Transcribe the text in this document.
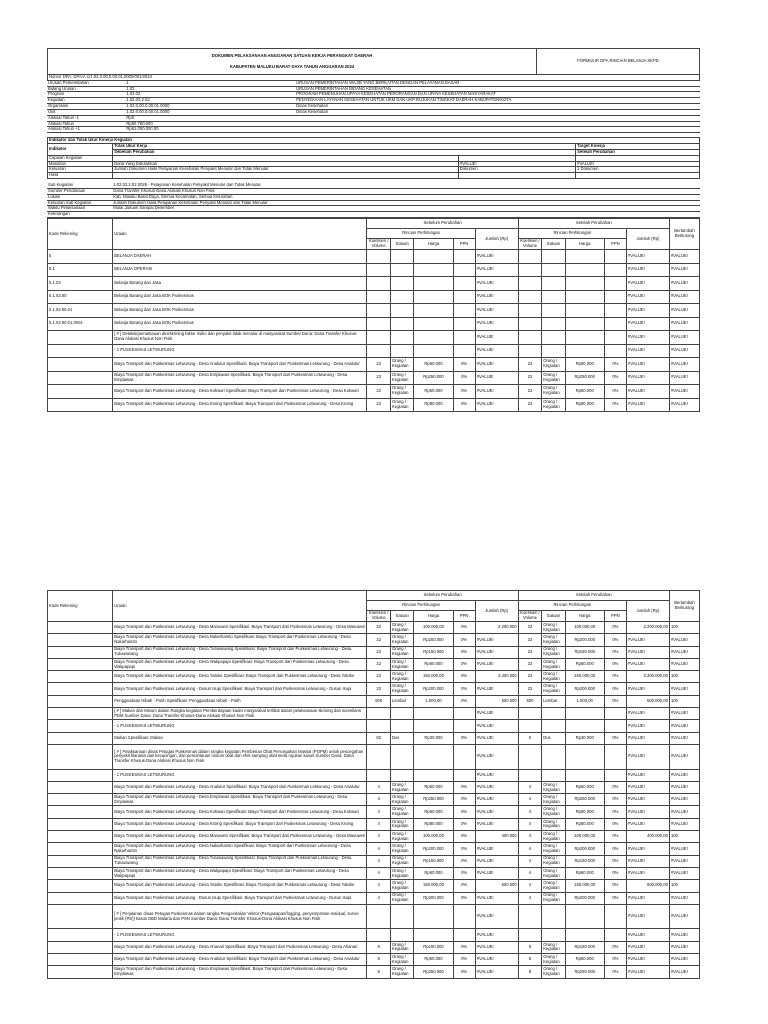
DOKUMEN PELAKSANAAN ANGGARAN SATUAN KERJA PERANGKAT DAERAH
KABUPATEN MALUKU BARAT DAYA TAHUN ANGGARAN 2024
	FORMULIR DPA RINCIAN BELANJA SKPD
Nomor DPA: DPA/A.1/1.02.0.00.0.00.01.0000/001/2024
Urusan Pemerintahan	1	URUSAN PEMERINTAHAN WAJIB YANG BERKAITAN DENGAN PELAYANAN DASAR
Bidang Urusan	1.02	URUSAN PEMERINTAHAN BIDANG KESEHATAN
Program	1.02.02	PROGRAM PEMENUHAN UPAYA KESEHATAN PERORANGAN DAN UPAYA KESEHATAN MASYARAKAT
Kegiatan	1.02.02.2.02	PENYEDIAAN LAYANAN KESEHATAN UNTUK UKM DAN UKP RUJUKAN TINGKAT DAERAH KABUPATEN/KOTA
Organisasi	1.02.0.00.0.00.01.0000	Dinas Kesehatan
Unit	1.02.0.00.0.00.01.0000	Dinas Kesehatan
Alokasi Tahun -1	Rp0
Alokasi Tahun	Rp60.780.000
Alokasi Tahun +1	Rp61.000.000,00
Indikator dan Tolak Ukur Kinerja Kegiatan			
Indikator	Tolak Ukur Kerja		Target Kinerja
	Sebelum Perubahan		Setelah Perubahan
Capaian Kegiatan			
Masukan	Dana Yang Dibutuhkan	#VALUE!	#VALUE!
Keluaran	Jumlah Dokumen Hasil Pelayanan Kesehatan Penyakit Menular dan Tidak Menular	Dokumen	1 Dokumen
Hasil			
Sub Kegiatan	1.02.02.2.02.0026 - Pelayanan Kesehatan Penyakit Menular dan Tidak Menular
Sumber Pendanaan	Dana Transfer Khusus-Dana Alokasi Khusus Non Fisik
Lokasi	Kab. Maluku Barat Daya, Semua Kecamatan, Semua Kelurahan
Keluaran Sub Kegiatan	Jumlah Dokumen Hasil Pelayanan Kesehatan Penyakit Menular dan Tidak Menular
Waktu Pelaksanaan	Mulai Januari Sampai Desember
Keterangan	
Kode Rekening	Uraian	Sebelum Perubahan					Setelah Perubahan					Bertambah Berkurang
		Rincian Perhitungan				Jumlah (Rp)	Rincian Perhitungan				Jumlah (Rp)	
		Koefisien / Volume	Satuan	Harga	PPN		Koefisien / Volume	Satuan	Harga	PPN		
5	BELANJA DAERAH					#VALUE!					#VALUE!	#VALUE!
5.1	BELANJA OPERASI					#VALUE!					#VALUE!	#VALUE!
5.1.02	Belanja Barang dan Jasa					#VALUE!					#VALUE!	#VALUE!
5.1.02.90	Belanja Barang dan Jasa BOK Puskesmas					#VALUE!					#VALUE!	#VALUE!
5.1.02.90.01	Belanja Barang dan Jasa BOK Puskesmas					#VALUE!					#VALUE!	#VALUE!
5.1.02.90.01.0001	Belanja Barang dan Jasa BOK Puskesmas					#VALUE!					#VALUE!	#VALUE!
	[ # ] Deteksi/pemantauan dini/skrining faktor risiko dan penyakit tidak menular di masyarakat Sumber Dana: Dana Transfer Khusus-Dana Alokasi Khusus Non Fisik					#VALUE!					#VALUE!	#VALUE!
	- 1 PUSKESMAS LETWURUNG					#VALUE!					#VALUE!	#VALUE!
	Biaya Transport dan Puskesmas Letwurung - Desa Analutur Spesifikasi: Biaya Transport dari Puskesmas Letwurung - Desa Analutur	22	Orang / Kegiatan	Rp60.000	0%	#VALUE!	22	Orang / Kegiatan	Rp60.000	0%	#VALUE!	#VALUE!
	Biaya Transport dan Puskesmas Letwurung - Desa Emplawas Spesifikasi: Biaya Transport dari Puskesmas Letwurung - Desa Emplawas	22	Orang / Kegiatan	Rp250.000	0%	#VALUE!	22	Orang / Kegiatan	Rp250.000	0%	#VALUE!	#VALUE!
	Biaya Transport dan Puskesmas Letwurung - Desa Kokwari Spesifikasi: Biaya Transport dari Puskesmas Letwurung - Desa Kokwari	22	Orang / Kegiatan	Rp60.000	0%	#VALUE!	22	Orang / Kegiatan	Rp60.000	0%	#VALUE!	#VALUE!
	Biaya Transport dan Puskesmas Letwurung - Desa Kroing Spesifikasi: Biaya Transport dari Puskesmas Letwurung - Desa Kroing	22	Orang / Kegiatan	Rp80.000	0%	#VALUE!	22	Orang / Kegiatan	Rp80.000	0%	#VALUE!	#VALUE!
Kode Rekening	Uraian	Sebelum Perubahan					Setelah Perubahan					Bertambah Berkurang
		Rincian Perhitungan				Jumlah (Rp)	Rincian Perhitungan				Jumlah (Rp)	
		Koefisien / Volume	Satuan	Harga	PPN		Koefisien / Volume	Satuan	Harga	PPN		
	Biaya Transport dan Puskesmas Letwurung - Desa Manuweri Spesifikasi: Biaya Transport dari Puskesmas Letwurung - Desa Manuweri	22	Orang / Kegiatan	100.000,00	0%	2.200.000	22	Orang / Kegiatan	100.000,00	0%	2.200.000,00	100
	Biaya Transport dan Puskesmas Letwurung - Desa Nakarhamto Spesifikasi: Biaya Transport dari Puskesmas Letwurung - Desa Nakarhamto	22	Orang / Kegiatan	Rp200.000	0%	#VALUE!	22	Orang / Kegiatan	Rp200.000	0%	#VALUE!	#VALUE!
	Biaya Transport dan Puskesmas Letwurung - Desa Tutuwawang Spesifikasi: Biaya Transport dari Puskesmas Letwurung - Desa Tutuwawang	22	Orang / Kegiatan	Rp150.000	0%	#VALUE!	22	Orang / Kegiatan	Rp150.000	0%	#VALUE!	#VALUE!
	Biaya Transport dan Puskesmas Letwurung - Desa Wakpapapi Spesifikasi: Biaya Transport dari Puskesmas Letwurung - Desa Wakpapapi	22	Orang / Kegiatan	Rp60.000	0%	#VALUE!	22	Orang / Kegiatan	Rp60.000	0%	#VALUE!	#VALUE!
	Biaya Transport dan Puskesmas Letwurung - Desa Yatoke Spesifikasi: Biaya Transport dari Puskesmas Letwurung - Desa Yatoke	22	Orang / Kegiatan	150.000,00	0%	3.300.000	22	Orang / Kegiatan	150.000,00	0%	3.300.000,00	100
	Biaya Transport dan Puskesmas Letwurung - Dusun Isupi Spesifikasi: Biaya Transport dari Puskesmas Letwurung - Dusun Isupi	22	Orang / Kegiatan	Rp200.000	0%	#VALUE!	22	Orang / Kegiatan	Rp200.000	0%	#VALUE!	#VALUE!
	Penggandaan Hibah - Putih Spesifikasi: Penggandaan Hibah - Putih	500	Lembar	1.000,00	0%	500.000	500	Lembar	1.000,00	0%	500.000,00	100
	[ # ] Makan dan Minum dalam Rangka kegiatan Pemberdayaan kader masyarakat terlibat dalam pelaksanaan skrining dan surveilans PDM Sumber Dana: Dana Transfer Khusus-Dana Alokasi Khusus Non Fisik					#VALUE!					#VALUE!	#VALUE!
	- 1 PUSKESMAS LETWURUNG					#VALUE!					#VALUE!	#VALUE!
	Makan Spesifikasi: Makan	82	Dus	Rp30.000	0%	#VALUE!	0	Dus	Rp30.000	0%	#VALUE!	#VALUE!
	[ # ] Pelaksanaan dinas Petugas Puskesmas dalam rangka kegiatan Pemberian Obat Pencegahan Massal (POPM) untuk pencegahan penyakit filariasis dan kecacingan, dan pemantauan minum obat dan efek samping obat serta rujukan kasus Sumber Dana: Dana Transfer Khusus-Dana Alokasi Khusus Non Fisik					#VALUE!					#VALUE!	#VALUE!
	- 1 PUSKESMAS LETWURUNG					#VALUE!					#VALUE!	#VALUE!
	Biaya Transport dan Puskesmas Letwurung - Desa Analutur Spesifikasi: Biaya Transport dari Puskesmas Letwurung - Desa Analutur	4	Orang / Kegiatan	Rp60.000	0%	#VALUE!	4	Orang / Kegiatan	Rp60.000	0%	#VALUE!	#VALUE!
	Biaya Transport dan Puskesmas Letwurung - Desa Emplawas Spesifikasi: Biaya Transport dari Puskesmas Letwurung - Desa Emplawas	4	Orang / Kegiatan	Rp250.000	0%	#VALUE!	4	Orang / Kegiatan	Rp250.000	0%	#VALUE!	#VALUE!
	Biaya Transport dan Puskesmas Letwurung - Desa Kokwari Spesifikasi: Biaya Transport dari Puskesmas Letwurung - Desa Kokwari	4	Orang / Kegiatan	Rp60.000	0%	#VALUE!	4	Orang / Kegiatan	Rp60.000	0%	#VALUE!	#VALUE!
	Biaya Transport dan Puskesmas Letwurung - Desa Kroing Spesifikasi: Biaya Transport dari Puskesmas Letwurung - Desa Kroing	4	Orang / Kegiatan	Rp80.000	0%	#VALUE!	4	Orang / Kegiatan	Rp80.000	0%	#VALUE!	#VALUE!
	Biaya Transport dan Puskesmas Letwurung - Desa Manuweri Spesifikasi: Biaya Transport dari Puskesmas Letwurung - Desa Manuweri	4	Orang / Kegiatan	100.000,00	0%	400.000	4	Orang / Kegiatan	100.000,00	0%	400.000,00	100
	Biaya Transport dan Puskesmas Letwurung - Desa Nakarhamto Spesifikasi: Biaya Transport dari Puskesmas Letwurung - Desa Nakarhamto	4	Orang / Kegiatan	Rp200.000	0%	#VALUE!	4	Orang / Kegiatan	Rp200.000	0%	#VALUE!	#VALUE!
	Biaya Transport dan Puskesmas Letwurung - Desa Tutuwawang Spesifikasi: Biaya Transport dari Puskesmas Letwurung - Desa Tutuwawang	4	Orang / Kegiatan	Rp150.000	0%	#VALUE!	4	Orang / Kegiatan	Rp150.000	0%	#VALUE!	#VALUE!
	Biaya Transport dan Puskesmas Letwurung - Desa Wakpapapi Spesifikasi: Biaya Transport dari Puskesmas Letwurung - Desa Wakpapapi	4	Orang / Kegiatan	Rp60.000	0%	#VALUE!	4	Orang / Kegiatan	Rp60.000	0%	#VALUE!	#VALUE!
	Biaya Transport dan Puskesmas Letwurung - Desa Yatoke Spesifikasi: Biaya Transport dari Puskesmas Letwurung - Desa Yatoke	4	Orang / Kegiatan	150.000,00	0%	600.000	4	Orang / Kegiatan	150.000,00	0%	600.000,00	100
	Biaya Transport dan Puskesmas Letwurung - Dusun Isupi Spesifikasi: Biaya Transport dari Puskesmas Letwurung - Dusun Isupi	4	Orang / Kegiatan	Rp200.000	0%	#VALUE!	4	Orang / Kegiatan	Rp200.000	0%	#VALUE!	#VALUE!
	[ # ] Perjalanan dinas Petugas Puskesmas dalam rangka Pengendalian Vektor (Pengasapan/fogging, penyemprotan residual, survei jentik (PE)) kasus DBD Malaria dan PSN Sumber Dana: Dana Transfer Khusus-Dana Alokasi Khusus Non Fisik					#VALUE!					#VALUE!	#VALUE!
	- 1 PUSKESMAS LETWURUNG					#VALUE!					#VALUE!	#VALUE!
	Biaya Transport dan Puskesmas Letwurung - Desa Ahanari Spesifikasi: Biaya Transport dari Puskesmas Letwurung - Desa Ahanari	8	Orang / Kegiatan	Rp150.000	0%	#VALUE!	8	Orang / Kegiatan	Rp150.000	0%	#VALUE!	#VALUE!
	Biaya Transport dan Puskesmas Letwurung - Desa Analutur Spesifikasi: Biaya Transport dari Puskesmas Letwurung - Desa Analutur	8	Orang / Kegiatan	Rp60.000	0%	#VALUE!	8	Orang / Kegiatan	Rp60.000	0%	#VALUE!	#VALUE!
	Biaya Transport dan Puskesmas Letwurung - Desa Emplawas Spesifikasi: Biaya Transport dari Puskesmas Letwurung - Desa Emplawas	8	Orang / Kegiatan	Rp250.000	0%	#VALUE!	8	Orang / Kegiatan	Rp250.000	0%	#VALUE!	#VALUE!
